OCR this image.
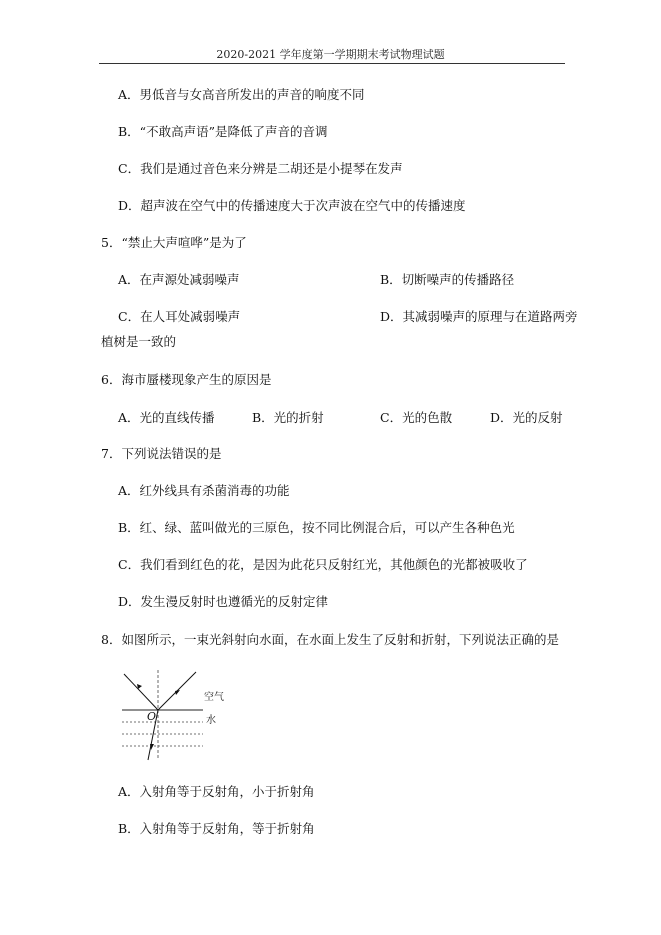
2020-2021 学年度第一学期期末考试物理试题
A．男低音与女高音所发出的声音的响度不同
B．“不敢高声语”是降低了声音的音调
C．我们是通过音色来分辨是二胡还是小提琴在发声
D．超声波在空气中的传播速度大于次声波在空气中的传播速度
5．“禁止大声喧哗”是为了
A．在声源处减弱噪声	B．切断噪声的传播路径
C．在人耳处减弱噪声	D．其减弱噪声的原理与在道路两旁
植树是一致的
6．海市蜃楼现象产生的原因是
A．光的直线传播	B．光的折射	C．光的色散	D．光的反射
7．下列说法错误的是
A．红外线具有杀菌消毒的功能
B．红、绿、蓝叫做光的三原色，按不同比例混合后，可以产生各种色光
C．我们看到红色的花，是因为此花只反射红光，其他颜色的光都被吸收了
D．发生漫反射时也遵循光的反射定律
8．如图所示，一束光斜射向水面，在水面上发生了反射和折射，下列说法正确的是
空气
水
O
A．入射角等于反射角，小于折射角
B．入射角等于反射角，等于折射角
